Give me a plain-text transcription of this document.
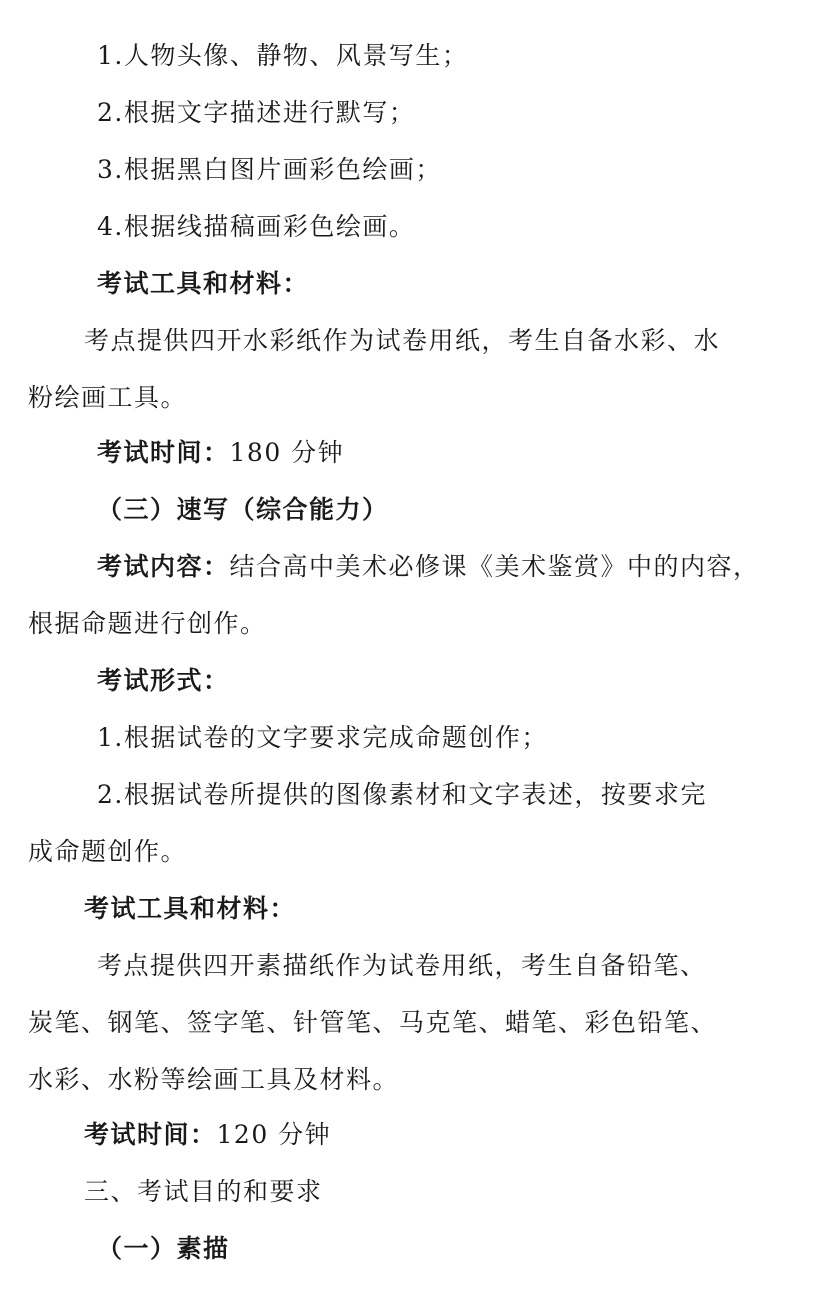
1.人物头像、静物、风景写生；
2.根据文字描述进行默写；
3.根据黑白图片画彩色绘画；
4.根据线描稿画彩色绘画。
考试工具和材料：
考点提供四开水彩纸作为试卷用纸，考生自备水彩、水
粉绘画工具。
考试时间：180 分钟
（三）速写（综合能力）
考试内容：结合高中美术必修课《美术鉴赏》中的内容，
根据命题进行创作。
考试形式：
1.根据试卷的文字要求完成命题创作；
2.根据试卷所提供的图像素材和文字表述，按要求完
成命题创作。
考试工具和材料：
考点提供四开素描纸作为试卷用纸，考生自备铅笔、
炭笔、钢笔、签字笔、针管笔、马克笔、蜡笔、彩色铅笔、
水彩、水粉等绘画工具及材料。
考试时间：120 分钟
三、考试目的和要求
（一）素描
